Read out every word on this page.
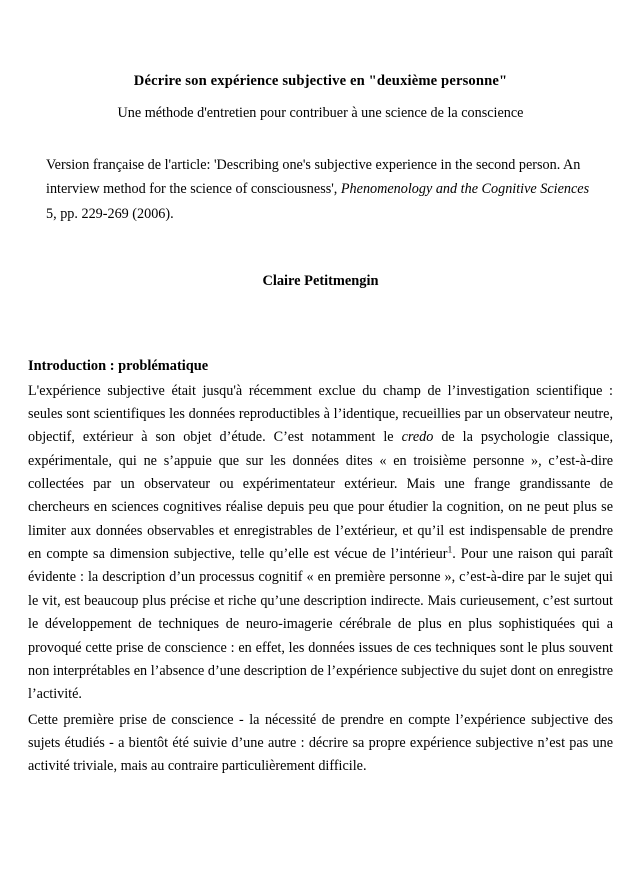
Décrire son expérience subjective en "deuxième personne"

Une méthode d'entretien pour contribuer à une science de la conscience

Version française de l'article: 'Describing one's subjective experience in the second person. An interview method for the science of consciousness', Phenomenology and the Cognitive Sciences 5, pp. 229-269 (2006).

Claire Petitmengin

Introduction : problématique

L'expérience subjective était jusqu'à récemment exclue du champ de l’investigation scientifique : seules sont scientifiques les données reproductibles à l’identique, recueillies par un observateur neutre, objectif, extérieur à son objet d’étude. C’est notamment le credo de la psychologie classique, expérimentale, qui ne s’appuie que sur les données dites « en troisième personne », c’est-à-dire collectées par un observateur ou expérimentateur extérieur. Mais une frange grandissante de chercheurs en sciences cognitives réalise depuis peu que pour étudier la cognition, on ne peut plus se limiter aux données observables et enregistrables de l’extérieur, et qu’il est indispensable de prendre en compte sa dimension subjective, telle qu’elle est vécue de l’intérieur$^1$. Pour une raison qui paraît évidente : la description d’un processus cognitif « en première personne », c’est-à-dire par le sujet qui le vit, est beaucoup plus précise et riche qu’une description indirecte. Mais curieusement, c’est surtout le développement de techniques de neuro-imagerie cérébrale de plus en plus sophistiquées qui a provoqué cette prise de conscience : en effet, les données issues de ces techniques sont le plus souvent non interprétables en l’absence d’une description de l’expérience subjective du sujet dont on enregistre l’activité.

Cette première prise de conscience - la nécessité de prendre en compte l’expérience subjective des sujets étudiés - a bientôt été suivie d’une autre : décrire sa propre expérience subjective n’est pas une activité triviale, mais au contraire particulièrement difficile.
